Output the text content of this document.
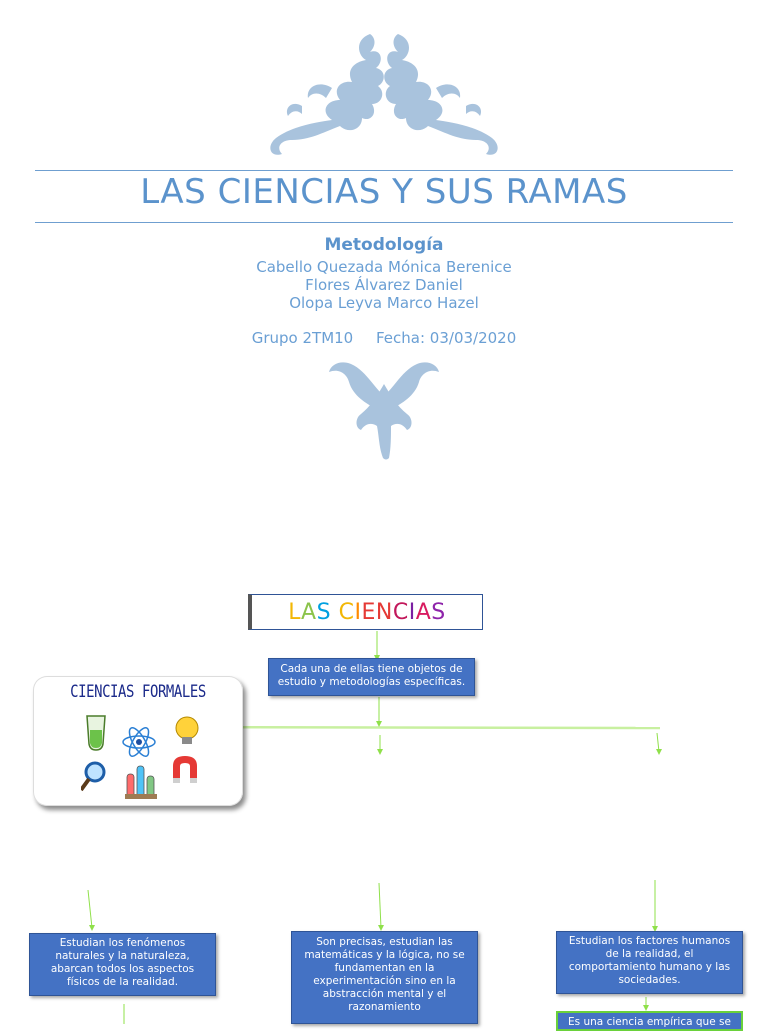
LAS CIENCIAS Y SUS RAMAS
Metodología
Cabello Quezada Mónica Berenice
Flores Álvarez Daniel
Olopa Leyva Marco Hazel
Grupo 2TM10 Fecha: 03/03/2020
L A S
C I E N C I A S
Cada una de ellas tiene objetos de estudio y metodologías específicas.
CIENCIAS FORMALES
Estudian los fenómenos naturales y la naturaleza, abarcan todos los aspectos físicos de la realidad.
Son precisas, estudian las matemáticas y la lógica, no se fundamentan en la experimentación sino en la abstracción mental y el razonamiento
Estudian los factores humanos de la realidad, el comportamiento humano y las sociedades.
Es una ciencia empírica que se
